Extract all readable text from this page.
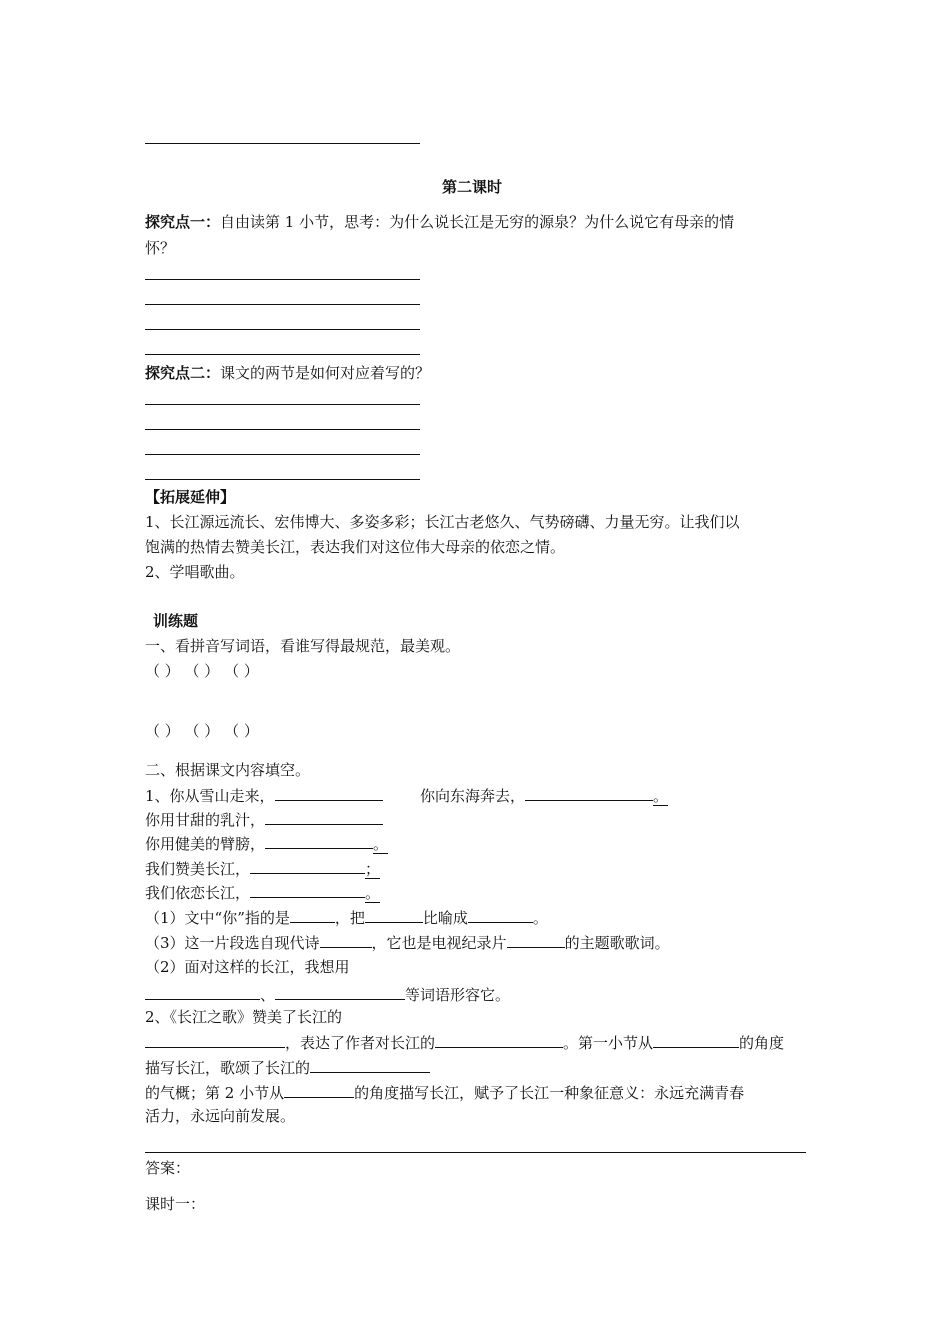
第二课时
探究点一：自由读第 1 小节，思考：为什么说长江是无穷的源泉？为什么说它有母亲的情
怀？
探究点二：课文的两节是如何对应着写的？
【拓展延伸】
1、长江源远流长、宏伟博大、多姿多彩；长江古老悠久、气势磅礴、力量无穷。让我们以
饱满的热情去赞美长江，表达我们对这位伟大母亲的依恋之情。
2、学唱歌曲。
训练题
一、看拼音写词语，看谁写得最规范，最美观。
（ ） （ ） （ ）
（ ） （ ） （ ）
二、根据课文内容填空。
1、你从雪山走来，	你向东海奔去，	。
你用甘甜的乳汁，
你用健美的臂膀，	。
我们赞美长江，	；
我们依恋长江，	。
（1）文中“你”指的是	，把	比喻成	。
（3）这一片段选自现代诗	，它也是电视纪录片	的主题歌歌词。
（2）面对这样的长江，我想用
、	等词语形容它。
2、《长江之歌》赞美了长江的
，表达了作者对长江的	。第一小节从	的角度
描写长江，歌颂了长江的
的气概；第 2 小节从	的角度描写长江，赋予了长江一种象征意义：永远充满青春
活力，永远向前发展。
答案：
课时一：
